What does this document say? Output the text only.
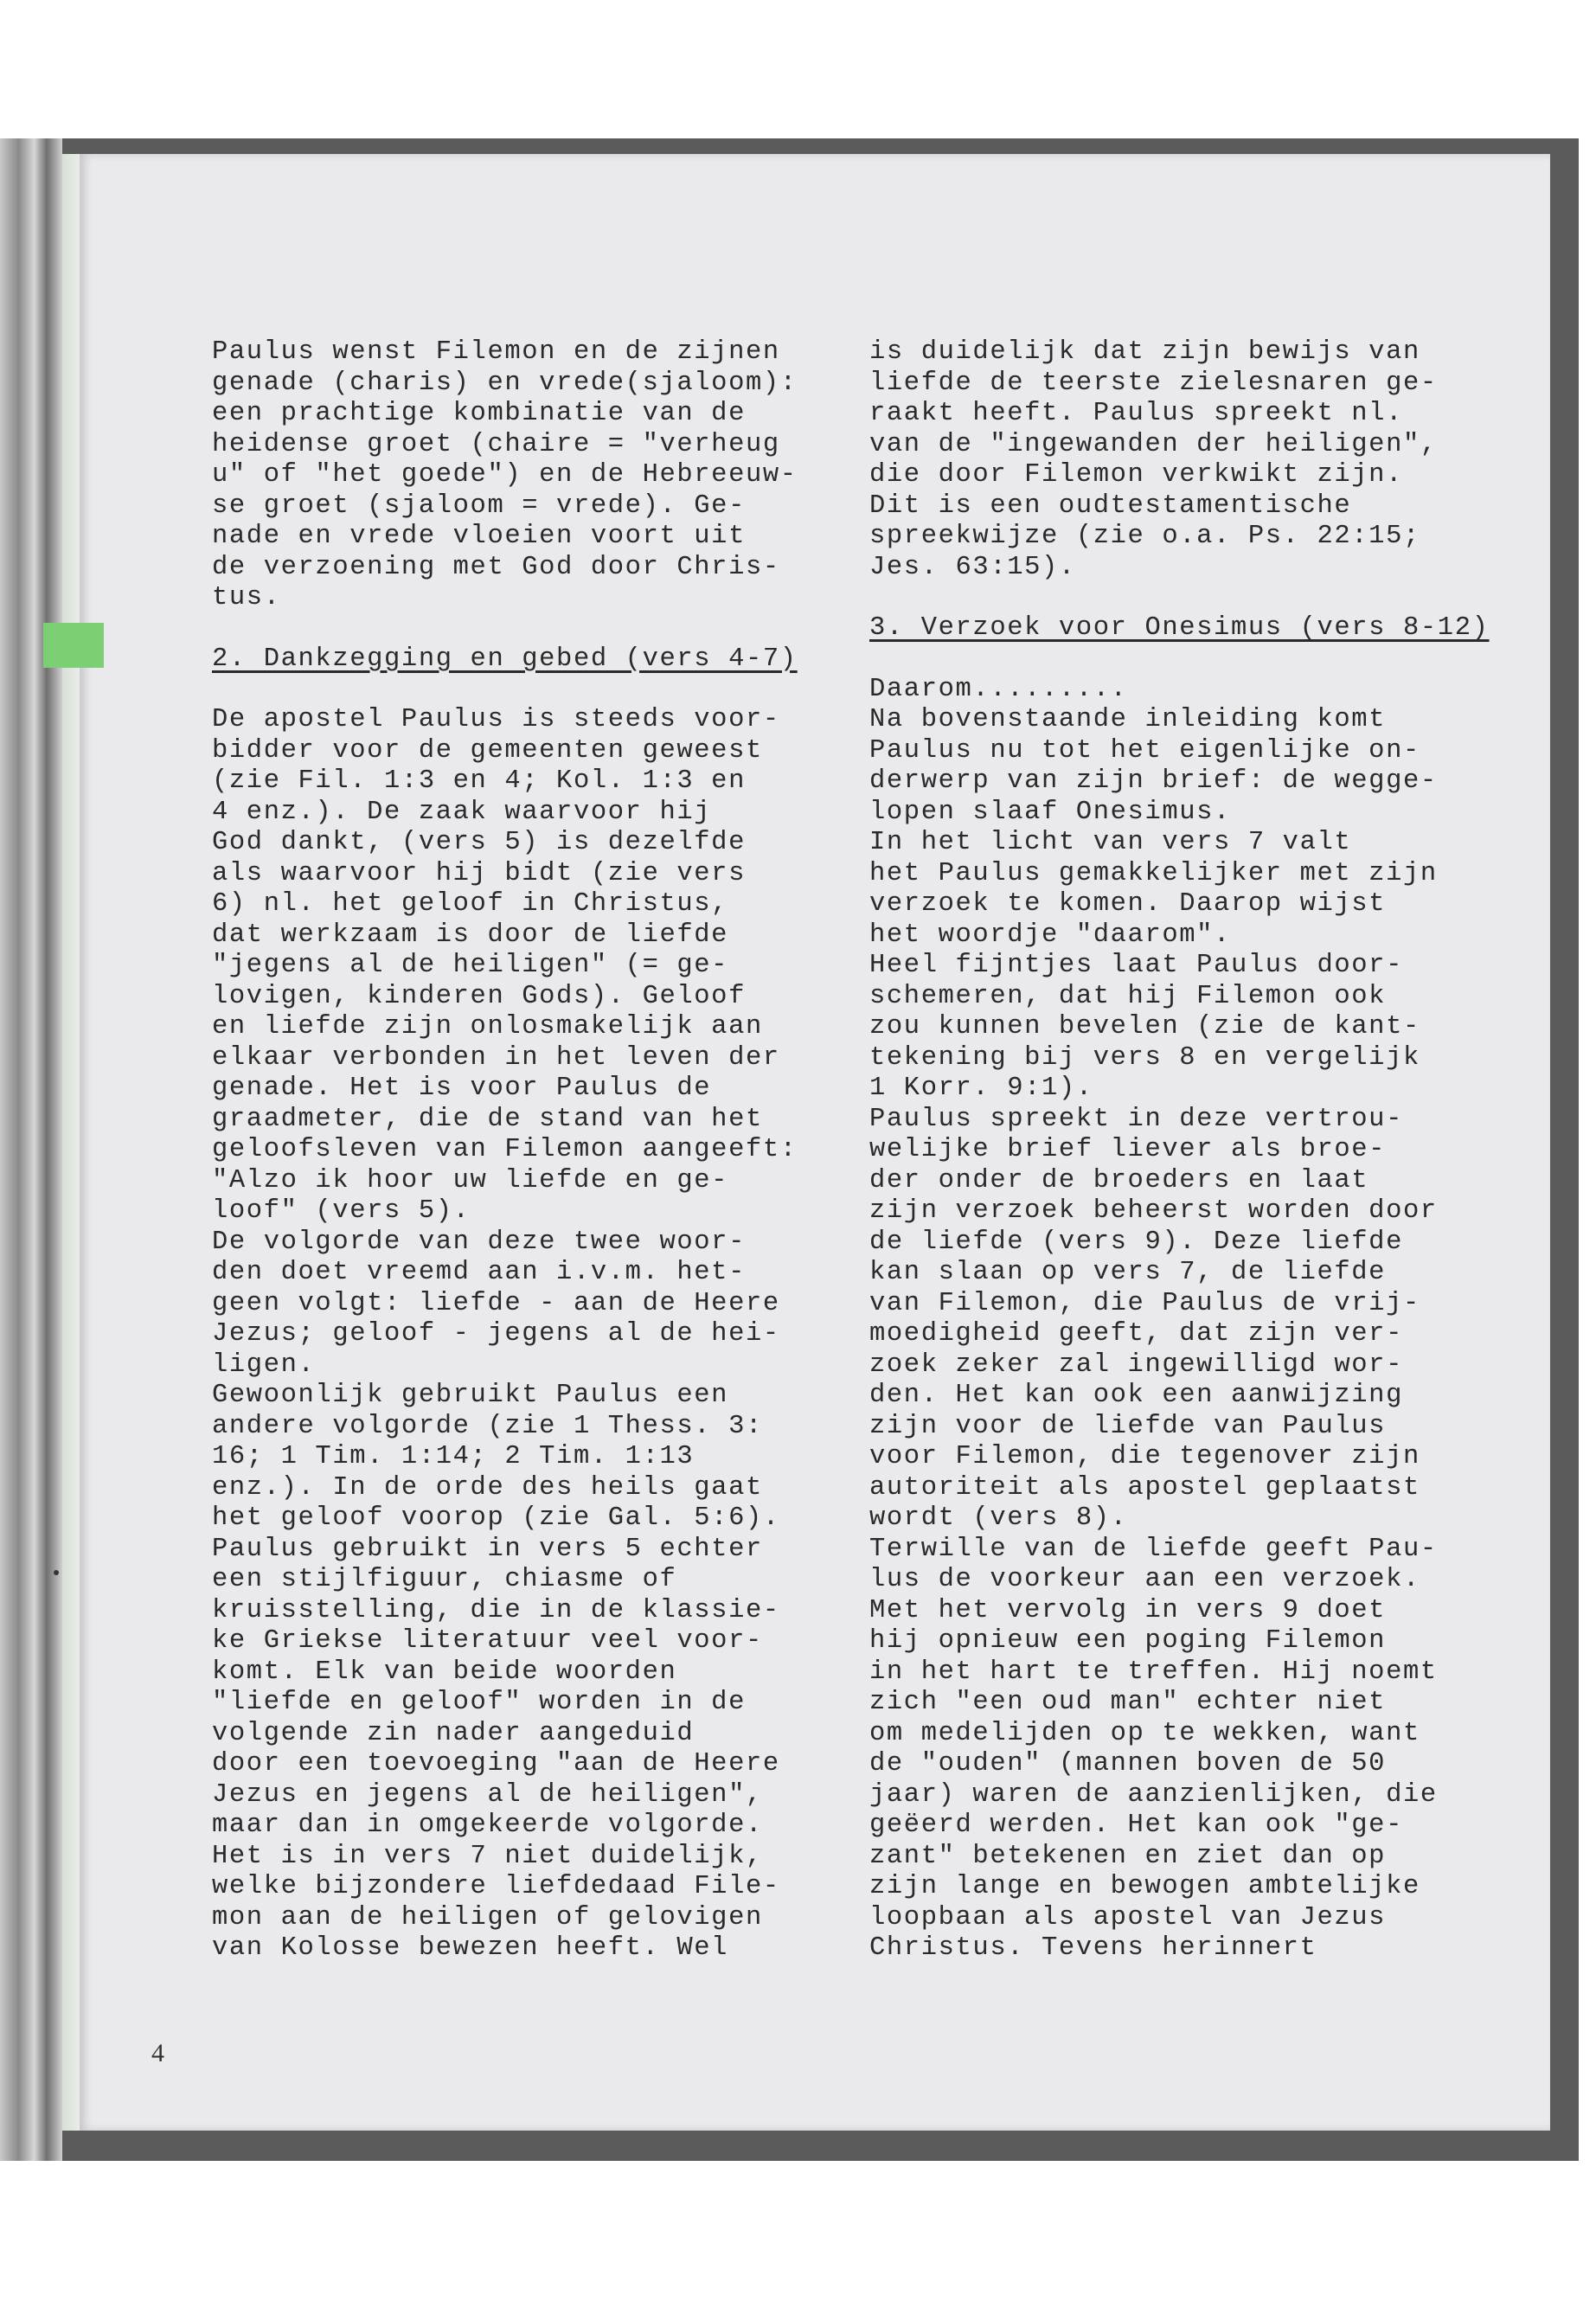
Paulus wenst Filemon en de zijnen
genade (charis) en vrede(sjaloom):
een prachtige kombinatie van de
heidense groet (chaire = "verheug
u" of "het goede") en de Hebreeuw-
se groet (sjaloom = vrede). Ge-
nade en vrede vloeien voort uit
de verzoening met God door Chris-
tus.

2. Dankzegging en gebed (vers 4-7)

De apostel Paulus is steeds voor-
bidder voor de gemeenten geweest
(zie Fil. 1:3 en 4; Kol. 1:3 en
4 enz.). De zaak waarvoor hij
God dankt, (vers 5) is dezelfde
als waarvoor hij bidt (zie vers
6) nl. het geloof in Christus,
dat werkzaam is door de liefde
"jegens al de heiligen" (= ge-
lovigen, kinderen Gods). Geloof
en liefde zijn onlosmakelijk aan
elkaar verbonden in het leven der
genade. Het is voor Paulus de
graadmeter, die de stand van het
geloofsleven van Filemon aangeeft:
"Alzo ik hoor uw liefde en ge-
loof" (vers 5).
De volgorde van deze twee woor-
den doet vreemd aan i.v.m. het-
geen volgt: liefde - aan de Heere
Jezus; geloof - jegens al de hei-
ligen.
Gewoonlijk gebruikt Paulus een
andere volgorde (zie 1 Thess. 3:
16; 1 Tim. 1:14; 2 Tim. 1:13
enz.). In de orde des heils gaat
het geloof voorop (zie Gal. 5:6).
Paulus gebruikt in vers 5 echter
een stijlfiguur, chiasme of
kruisstelling, die in de klassie-
ke Griekse literatuur veel voor-
komt. Elk van beide woorden
"liefde en geloof" worden in de
volgende zin nader aangeduid
door een toevoeging "aan de Heere
Jezus en jegens al de heiligen",
maar dan in omgekeerde volgorde.
Het is in vers 7 niet duidelijk,
welke bijzondere liefdedaad File-
mon aan de heiligen of gelovigen
van Kolosse bewezen heeft. Wel

is duidelijk dat zijn bewijs van
liefde de teerste zielesnaren ge-
raakt heeft. Paulus spreekt nl.
van de "ingewanden der heiligen",
die door Filemon verkwikt zijn.
Dit is een oudtestamentische
spreekwijze (zie o.a. Ps. 22:15;
Jes. 63:15).

3. Verzoek voor Onesimus (vers 8-12)

Daarom.........
Na bovenstaande inleiding komt
Paulus nu tot het eigenlijke on-
derwerp van zijn brief: de wegge-
lopen slaaf Onesimus.
In het licht van vers 7 valt
het Paulus gemakkelijker met zijn
verzoek te komen. Daarop wijst
het woordje "daarom".
Heel fijntjes laat Paulus door-
schemeren, dat hij Filemon ook
zou kunnen bevelen (zie de kant-
tekening bij vers 8 en vergelijk
1 Korr. 9:1).
Paulus spreekt in deze vertrou-
welijke brief liever als broe-
der onder de broeders en laat
zijn verzoek beheerst worden door
de liefde (vers 9). Deze liefde
kan slaan op vers 7, de liefde
van Filemon, die Paulus de vrij-
moedigheid geeft, dat zijn ver-
zoek zeker zal ingewilligd wor-
den. Het kan ook een aanwijzing
zijn voor de liefde van Paulus
voor Filemon, die tegenover zijn
autoriteit als apostel geplaatst
wordt (vers 8).
Terwille van de liefde geeft Pau-
lus de voorkeur aan een verzoek.
Met het vervolg in vers 9 doet
hij opnieuw een poging Filemon
in het hart te treffen. Hij noemt
zich "een oud man" echter niet
om medelijden op te wekken, want
de "ouden" (mannen boven de 50
jaar) waren de aanzienlijken, die
geëerd werden. Het kan ook "ge-
zant" betekenen en ziet dan op
zijn lange en bewogen ambtelijke
loopbaan als apostel van Jezus
Christus. Tevens herinnert

4
